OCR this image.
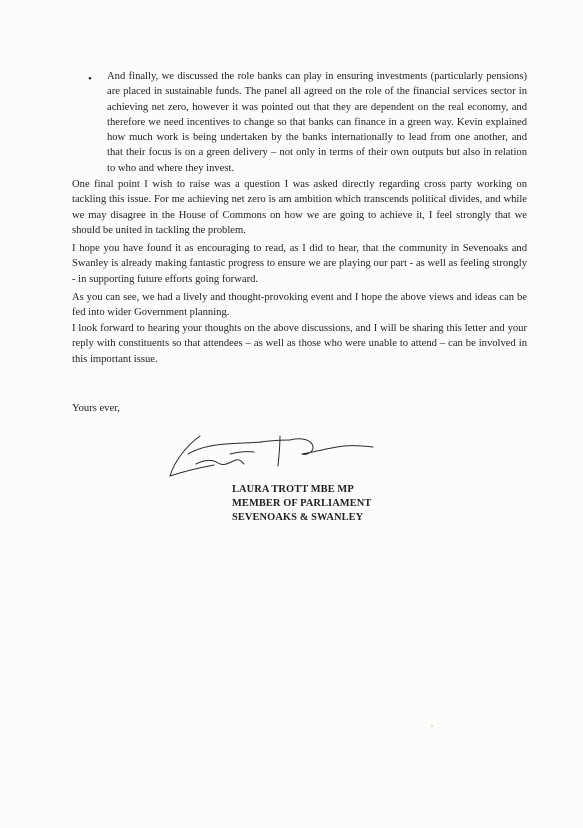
• And finally, we discussed the role banks can play in ensuring investments (particularly pensions) are placed in sustainable funds. The panel all agreed on the role of the financial services sector in achieving net zero, however it was pointed out that they are dependent on the real economy, and therefore we need incentives to change so that banks can finance in a green way. Kevin explained how much work is being undertaken by the banks internationally to lead from one another, and that their focus is on a green delivery – not only in terms of their own outputs but also in relation to who and where they invest.

One final point I wish to raise was a question I was asked directly regarding cross party working on tackling this issue. For me achieving net zero is am ambition which transcends political divides, and while we may disagree in the House of Commons on how we are going to achieve it, I feel strongly that we should be united in tackling the problem.

I hope you have found it as encouraging to read, as I did to hear, that the community in Sevenoaks and Swanley is already making fantastic progress to ensure we are playing our part - as well as feeling strongly - in supporting future efforts going forward.

As you can see, we had a lively and thought-provoking event and I hope the above views and ideas can be fed into wider Government planning.

I look forward to hearing your thoughts on the above discussions, and I will be sharing this letter and your reply with constituents so that attendees – as well as those who were unable to attend – can be involved in this important issue.

Yours ever,
LAURA TROTT MBE MP
MEMBER OF PARLIAMENT
SEVENOAKS & SWANLEY
